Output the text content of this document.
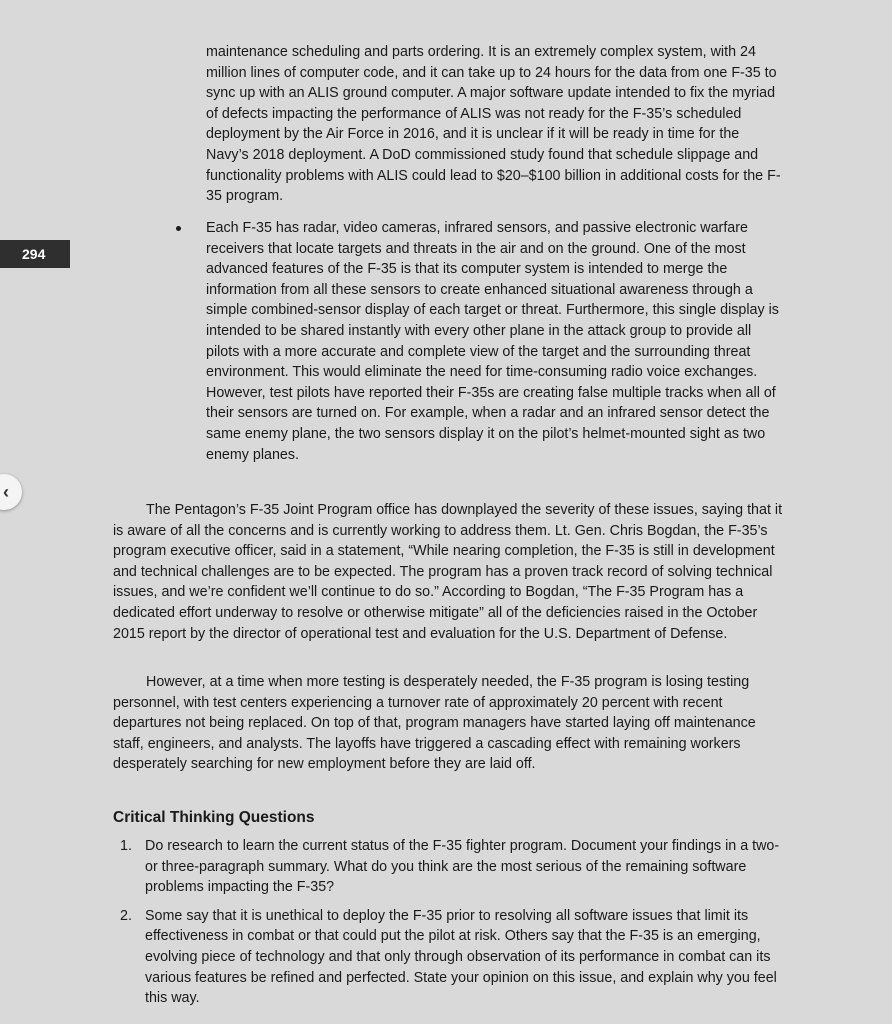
294
‹

maintenance scheduling and parts ordering. It is an extremely complex system, with 24 million lines of computer code, and it can take up to 24 hours for the data from one F-35 to sync up with an ALIS ground computer. A major software update intended to fix the myriad of defects impacting the performance of ALIS was not ready for the F-35’s scheduled deployment by the Air Force in 2016, and it is unclear if it will be ready in time for the Navy’s 2018 deployment. A DoD commissioned study found that schedule slippage and functionality problems with ALIS could lead to $20–$100 billion in additional costs for the F-35 program.

Each F-35 has radar, video cameras, infrared sensors, and passive electronic warfare receivers that locate targets and threats in the air and on the ground. One of the most advanced features of the F-35 is that its computer system is intended to merge the information from all these sensors to create enhanced situational awareness through a simple combined-sensor display of each target or threat. Furthermore, this single display is intended to be shared instantly with every other plane in the attack group to provide all pilots with a more accurate and complete view of the target and the surrounding threat environment. This would eliminate the need for time-consuming radio voice exchanges. However, test pilots have reported their F-35s are creating false multiple tracks when all of their sensors are turned on. For example, when a radar and an infrared sensor detect the same enemy plane, the two sensors display it on the pilot’s helmet-mounted sight as two enemy planes.

The Pentagon’s F-35 Joint Program office has downplayed the severity of these issues, saying that it is aware of all the concerns and is currently working to address them. Lt. Gen. Chris Bogdan, the F-35’s program executive officer, said in a statement, “While nearing completion, the F-35 is still in development and technical challenges are to be expected. The program has a proven track record of solving technical issues, and we’re confident we’ll continue to do so.” According to Bogdan, “The F-35 Program has a dedicated effort underway to resolve or otherwise mitigate” all of the deficiencies raised in the October 2015 report by the director of operational test and evaluation for the U.S. Department of Defense.

However, at a time when more testing is desperately needed, the F-35 program is losing testing personnel, with test centers experiencing a turnover rate of approximately 20 percent with recent departures not being replaced. On top of that, program managers have started laying off maintenance staff, engineers, and analysts. The layoffs have triggered a cascading effect with remaining workers desperately searching for new employment before they are laid off.

Critical Thinking Questions
1. Do research to learn the current status of the F-35 fighter program. Document your findings in a two- or three-paragraph summary. What do you think are the most serious of the remaining software problems impacting the F-35?

2. Some say that it is unethical to deploy the F-35 prior to resolving all software issues that limit its effectiveness in combat or that could put the pilot at risk. Others say that the F-35 is an emerging, evolving piece of technology and that only through observation of its performance in combat can its various features be refined and perfected. State your opinion on this issue, and explain why you feel this way.
